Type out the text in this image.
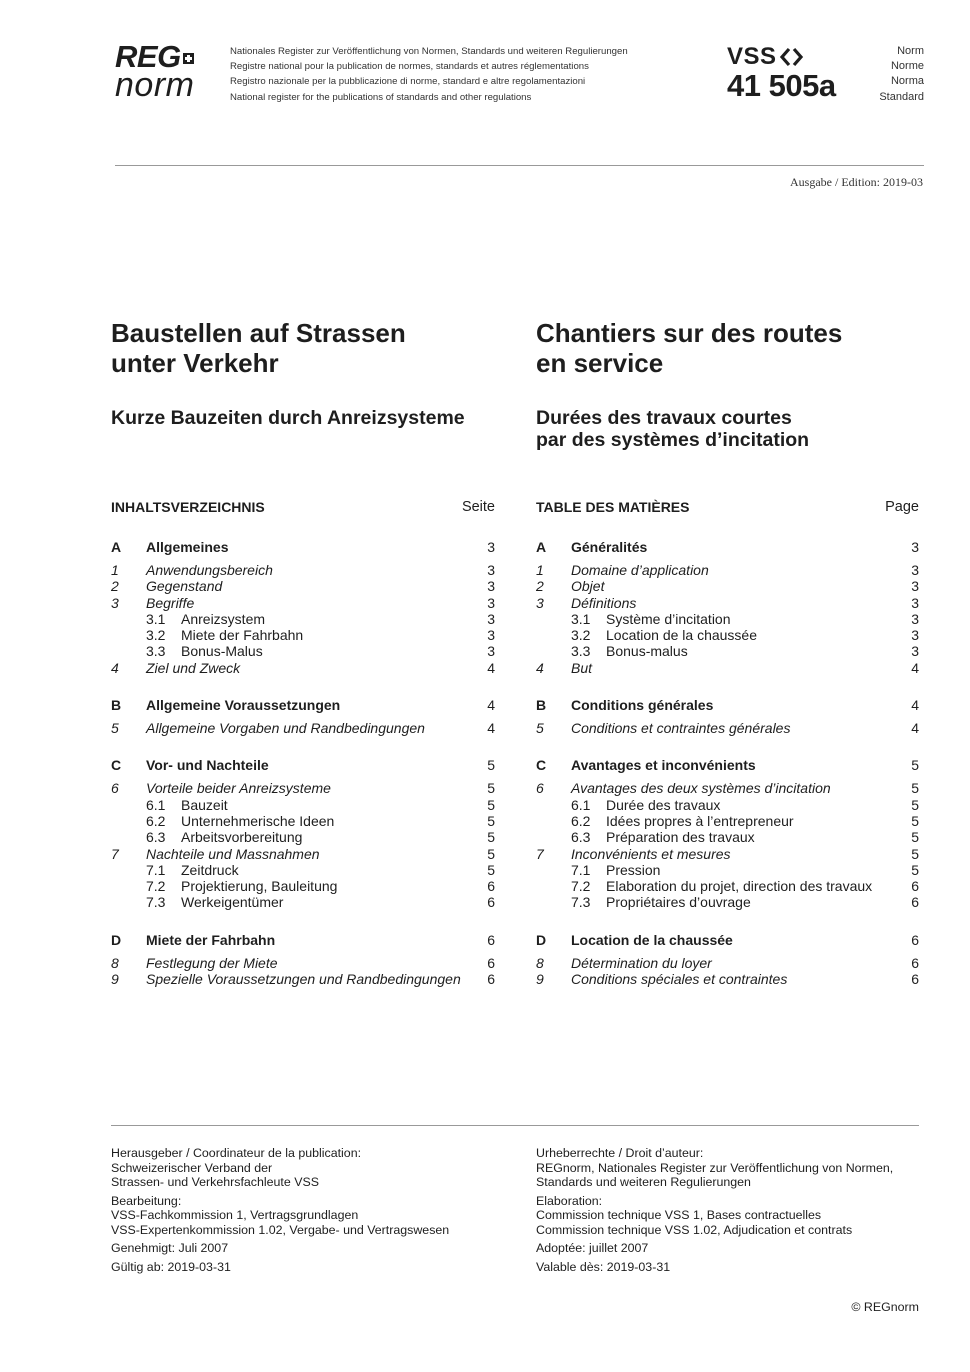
REG
norm
Nationales Register zur Veröffentlichung von Normen, Standards und weiteren Regulierungen
Registre national pour la publication de normes, standards et autres réglementations
Registro nazionale per la pubblicazione di norme, standard e altre regolamentazioni
National register for the publications of standards and other regulations
VSS
41 505a
Norm
Norme
Norma
Standard
Ausgabe / Edition: 2019-03
Baustellen auf Strassen
unter Verkehr
Kurze Bauzeiten durch Anreizsysteme
Chantiers sur des routes
en service
Durées des travaux courtes
par des systèmes d’incitation
INHALTSVERZEICHNIS	Seite
A Allgemeines	3
1 Anwendungsbereich	3
2 Gegenstand	3
3 Begriffe	3
3.1 Anreizsystem	3
3.2 Miete der Fahrbahn	3
3.3 Bonus-Malus	3
4 Ziel und Zweck	4
B Allgemeine Voraussetzungen	4
5 Allgemeine Vorgaben und Randbedingungen	4
C Vor- und Nachteile	5
6 Vorteile beider Anreizsysteme	5
6.1 Bauzeit	5
6.2 Unternehmerische Ideen	5
6.3 Arbeitsvorbereitung	5
7 Nachteile und Massnahmen	5
7.1 Zeitdruck	5
7.2 Projektierung, Bauleitung	6
7.3 Werkeigentümer	6
D Miete der Fahrbahn	6
8 Festlegung der Miete	6
9 Spezielle Voraussetzungen und Randbedingungen 6
TABLE DES MATIÈRES	Page
A Généralités	3
1 Domaine d’application	3
2 Objet	3
3 Définitions	3
3.1 Système d’incitation	3
3.2 Location de la chaussée	3
3.3 Bonus-malus	3
4 But	4
B Conditions générales	4
5 Conditions et contraintes générales	4
C Avantages et inconvénients	5
6 Avantages des deux systèmes d’incitation	5
6.1 Durée des travaux	5
6.2 Idées propres à l’entrepreneur	5
6.3 Préparation des travaux	5
7 Inconvénients et mesures	5
7.1 Pression	5
7.2 Elaboration du projet, direction des travaux	6
7.3 Propriétaires d’ouvrage	6
D Location de la chaussée	6
8 Détermination du loyer	6
9 Conditions spéciales et contraintes	6
Herausgeber / Coordinateur de la publication:
Schweizerischer Verband der
Strassen- und Verkehrsfachleute VSS
Bearbeitung:
VSS-Fachkommission 1, Vertragsgrundlagen
VSS-Expertenkommission 1.02, Vergabe- und Vertragswesen
Genehmigt: Juli 2007
Gültig ab: 2019-03-31
Urheberrechte / Droit d’auteur:
REGnorm, Nationales Register zur Veröffentlichung von Normen,
Standards und weiteren Regulierungen
Elaboration:
Commission technique VSS 1, Bases contractuelles
Commission technique VSS 1.02, Adjudication et contrats
Adoptée: juillet 2007
Valable dès: 2019-03-31
© REGnorm
